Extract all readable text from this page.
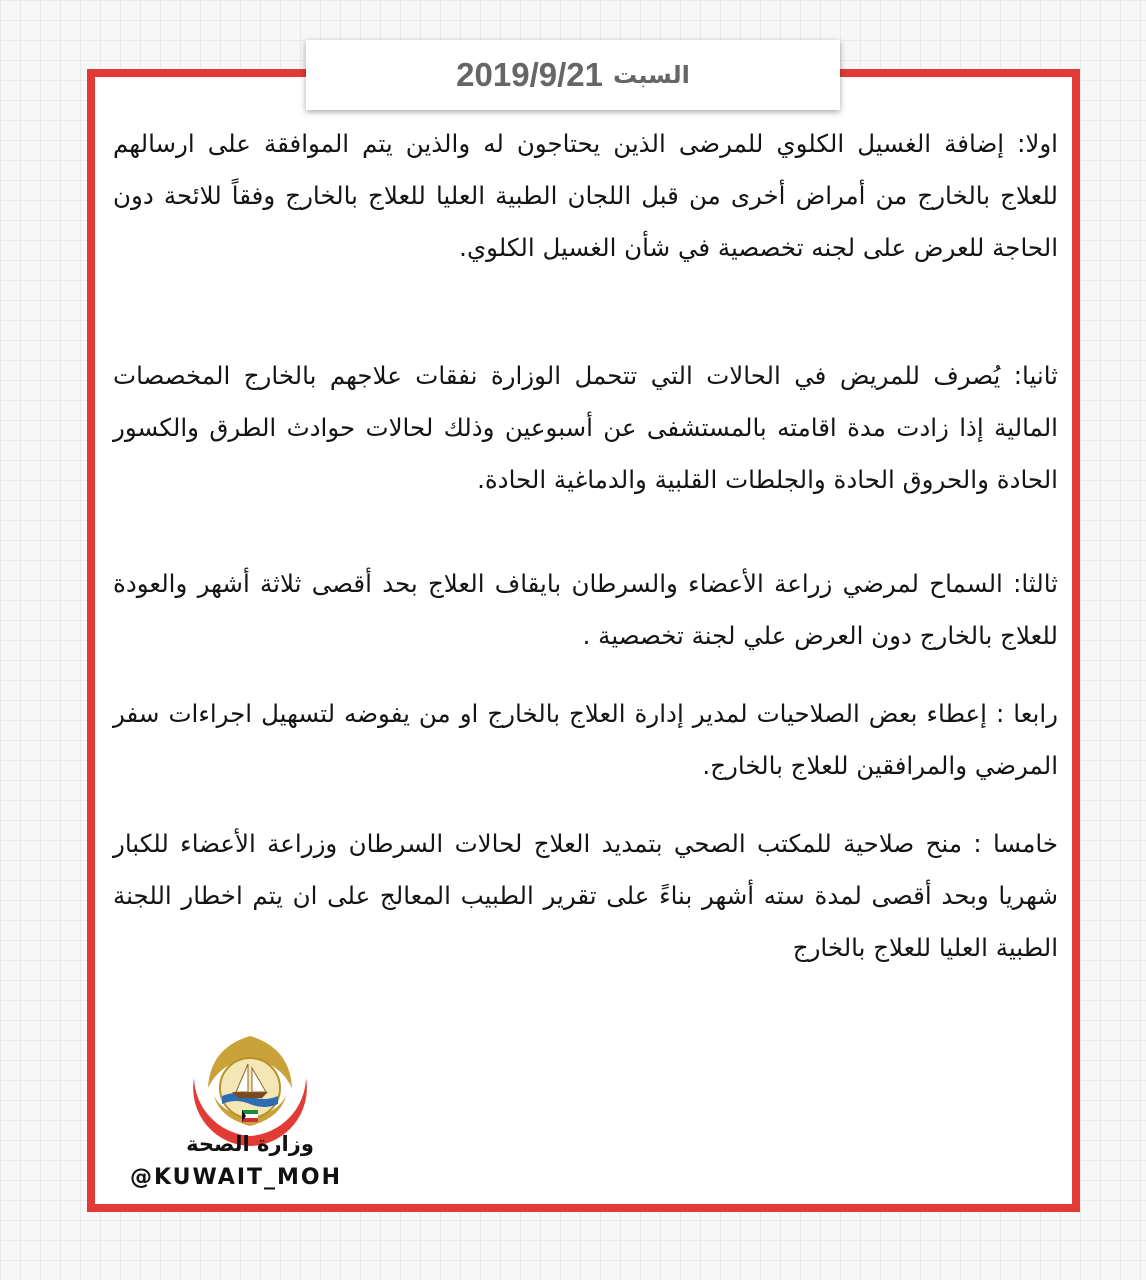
السبت
2019/9/21

اولا: إضافة الغسيل الكلوي للمرضى الذين يحتاجون له والذين يتم الموافقة على ارسالهم للعلاج بالخارج من أمراض أخرى من قبل اللجان الطبية العليا للعلاج بالخارج وفقاً للائحة دون الحاجة للعرض على لجنه تخصصية في شأن الغسيل الكلوي.

ثانيا: يُصرف للمريض في الحالات التي تتحمل الوزارة نفقات علاجهم بالخارج المخصصات المالية إذا زادت مدة اقامته بالمستشفى عن أسبوعين وذلك لحالات حوادث الطرق والكسور الحادة والحروق الحادة والجلطات القلبية والدماغية الحادة.

ثالثا: السماح لمرضي زراعة الأعضاء والسرطان بايقاف العلاج بحد أقصى ثلاثة أشهر والعودة للعلاج بالخارج دون العرض علي لجنة تخصصية .

رابعا : إعطاء بعض الصلاحيات لمدير إدارة العلاج بالخارج او من يفوضه لتسهيل اجراءات سفر المرضي والمرافقين للعلاج بالخارج.

خامسا : منح صلاحية للمكتب الصحي بتمديد العلاج لحالات السرطان وزراعة الأعضاء للكبار شهريا وبحد أقصى لمدة سته أشهر بناءً على تقرير الطبيب المعالج على ان يتم اخطار اللجنة الطبية العليا للعلاج بالخارج

وزارة الصحة
@KUWAIT_MOH
